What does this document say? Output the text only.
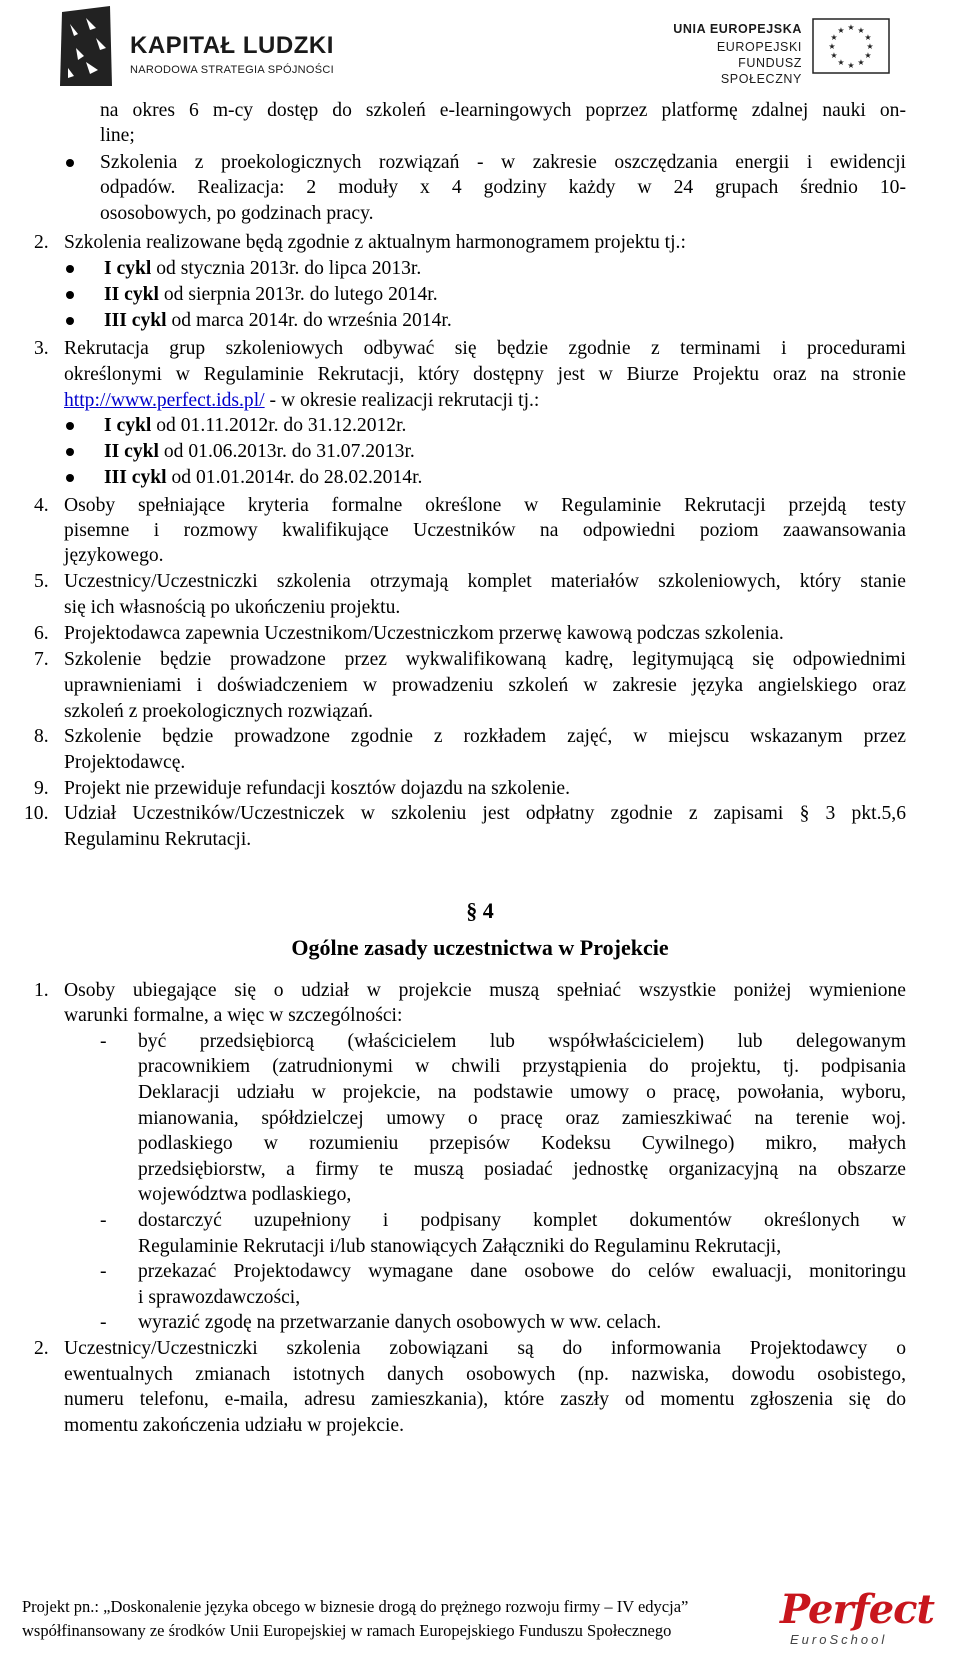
KAPITAŁ LUDZKI
NARODOWA STRATEGIA SPÓJNOŚCI
UNIA EUROPEJSKA
EUROPEJSKI
FUNDUSZ SPOŁECZNY
★ ★
★
★
★
★
★
★
★
★
★
★
na okres 6 m-cy dostęp do szkoleń e-learningowych poprzez platformę zdalnej nauki on-
line;
Szkolenia z proekologicznych rozwiązań - w zakresie oszczędzania energii i ewidencji
odpadów. Realizacja: 2 moduły x 4 godziny każdy w 24 grupach średnio 10-
ososobowych, po godzinach pracy.
2. Szkolenia realizowane będą zgodnie z aktualnym harmonogramem projektu tj.:
I cykl od stycznia 2013r. do lipca 2013r.
II cykl od sierpnia 2013r. do lutego 2014r.
III cykl od marca 2014r. do września 2014r.
3. Rekrutacja grup szkoleniowych odbywać się będzie zgodnie z terminami i procedurami
określonymi w Regulaminie Rekrutacji, który dostępny jest w Biurze Projektu oraz na stronie
http://www.perfect.ids.pl/ - w okresie realizacji rekrutacji tj.:
I cykl od 01.11.2012r. do 31.12.2012r.
II cykl od 01.06.2013r. do 31.07.2013r.
III cykl od 01.01.2014r. do 28.02.2014r.
4. Osoby spełniające kryteria formalne określone w Regulaminie Rekrutacji przejdą testy
pisemne i rozmowy kwalifikujące Uczestników na odpowiedni poziom zaawansowania
językowego.
5. Uczestnicy/Uczestniczki szkolenia otrzymają komplet materiałów szkoleniowych, który stanie
się ich własnością po ukończeniu projektu.
6. Projektodawca zapewnia Uczestnikom/Uczestniczkom przerwę kawową podczas szkolenia.
7. Szkolenie będzie prowadzone przez wykwalifikowaną kadrę, legitymującą się odpowiednimi
uprawnieniami i doświadczeniem w prowadzeniu szkoleń w zakresie języka angielskiego oraz
szkoleń z proekologicznych rozwiązań.
8. Szkolenie będzie prowadzone zgodnie z rozkładem zajęć, w miejscu wskazanym przez
Projektodawcę.
9. Projekt nie przewiduje refundacji kosztów dojazdu na szkolenie.
10. Udział Uczestników/Uczestniczek w szkoleniu jest odpłatny zgodnie z zapisami § 3 pkt.5,6
Regulaminu Rekrutacji.
§ 4
Ogólne zasady uczestnictwa w Projekcie
1. Osoby ubiegające się o udział w projekcie muszą spełniać wszystkie poniżej wymienione
warunki formalne, a więc w szczególności:
- być przedsiębiorcą (właścicielem lub współwłaścicielem) lub delegowanym
pracownikiem (zatrudnionymi w chwili przystąpienia do projektu, tj. podpisania
Deklaracji udziału w projekcie, na podstawie umowy o pracę, powołania, wyboru,
mianowania, spółdzielczej umowy o pracę oraz zamieszkiwać na terenie woj.
podlaskiego w rozumieniu przepisów Kodeksu Cywilnego) mikro, małych
przedsiębiorstw, a firmy te muszą posiadać jednostkę organizacyjną na obszarze
województwa podlaskiego,
- dostarczyć uzupełniony i podpisany komplet dokumentów określonych w
Regulaminie Rekrutacji i/lub stanowiących Załączniki do Regulaminu Rekrutacji,
- przekazać Projektodawcy wymagane dane osobowe do celów ewaluacji, monitoringu
i sprawozdawczości,
- wyrazić zgodę na przetwarzanie danych osobowych w ww. celach.
2. Uczestnicy/Uczestniczki szkolenia zobowiązani są do informowania Projektodawcy o
ewentualnych zmianach istotnych danych osobowych (np. nazwiska, dowodu osobistego,
numeru telefonu, e-maila, adresu zamieszkania), które zaszły od momentu zgłoszenia się do
momentu zakończenia udziału w projekcie.
Projekt pn.: „Doskonalenie języka obcego w biznesie drogą do prężnego rozwoju firmy – IV edycja”
współfinansowany ze środków Unii Europejskiej w ramach Europejskiego Funduszu Społecznego	Perfect
EuroSchool
